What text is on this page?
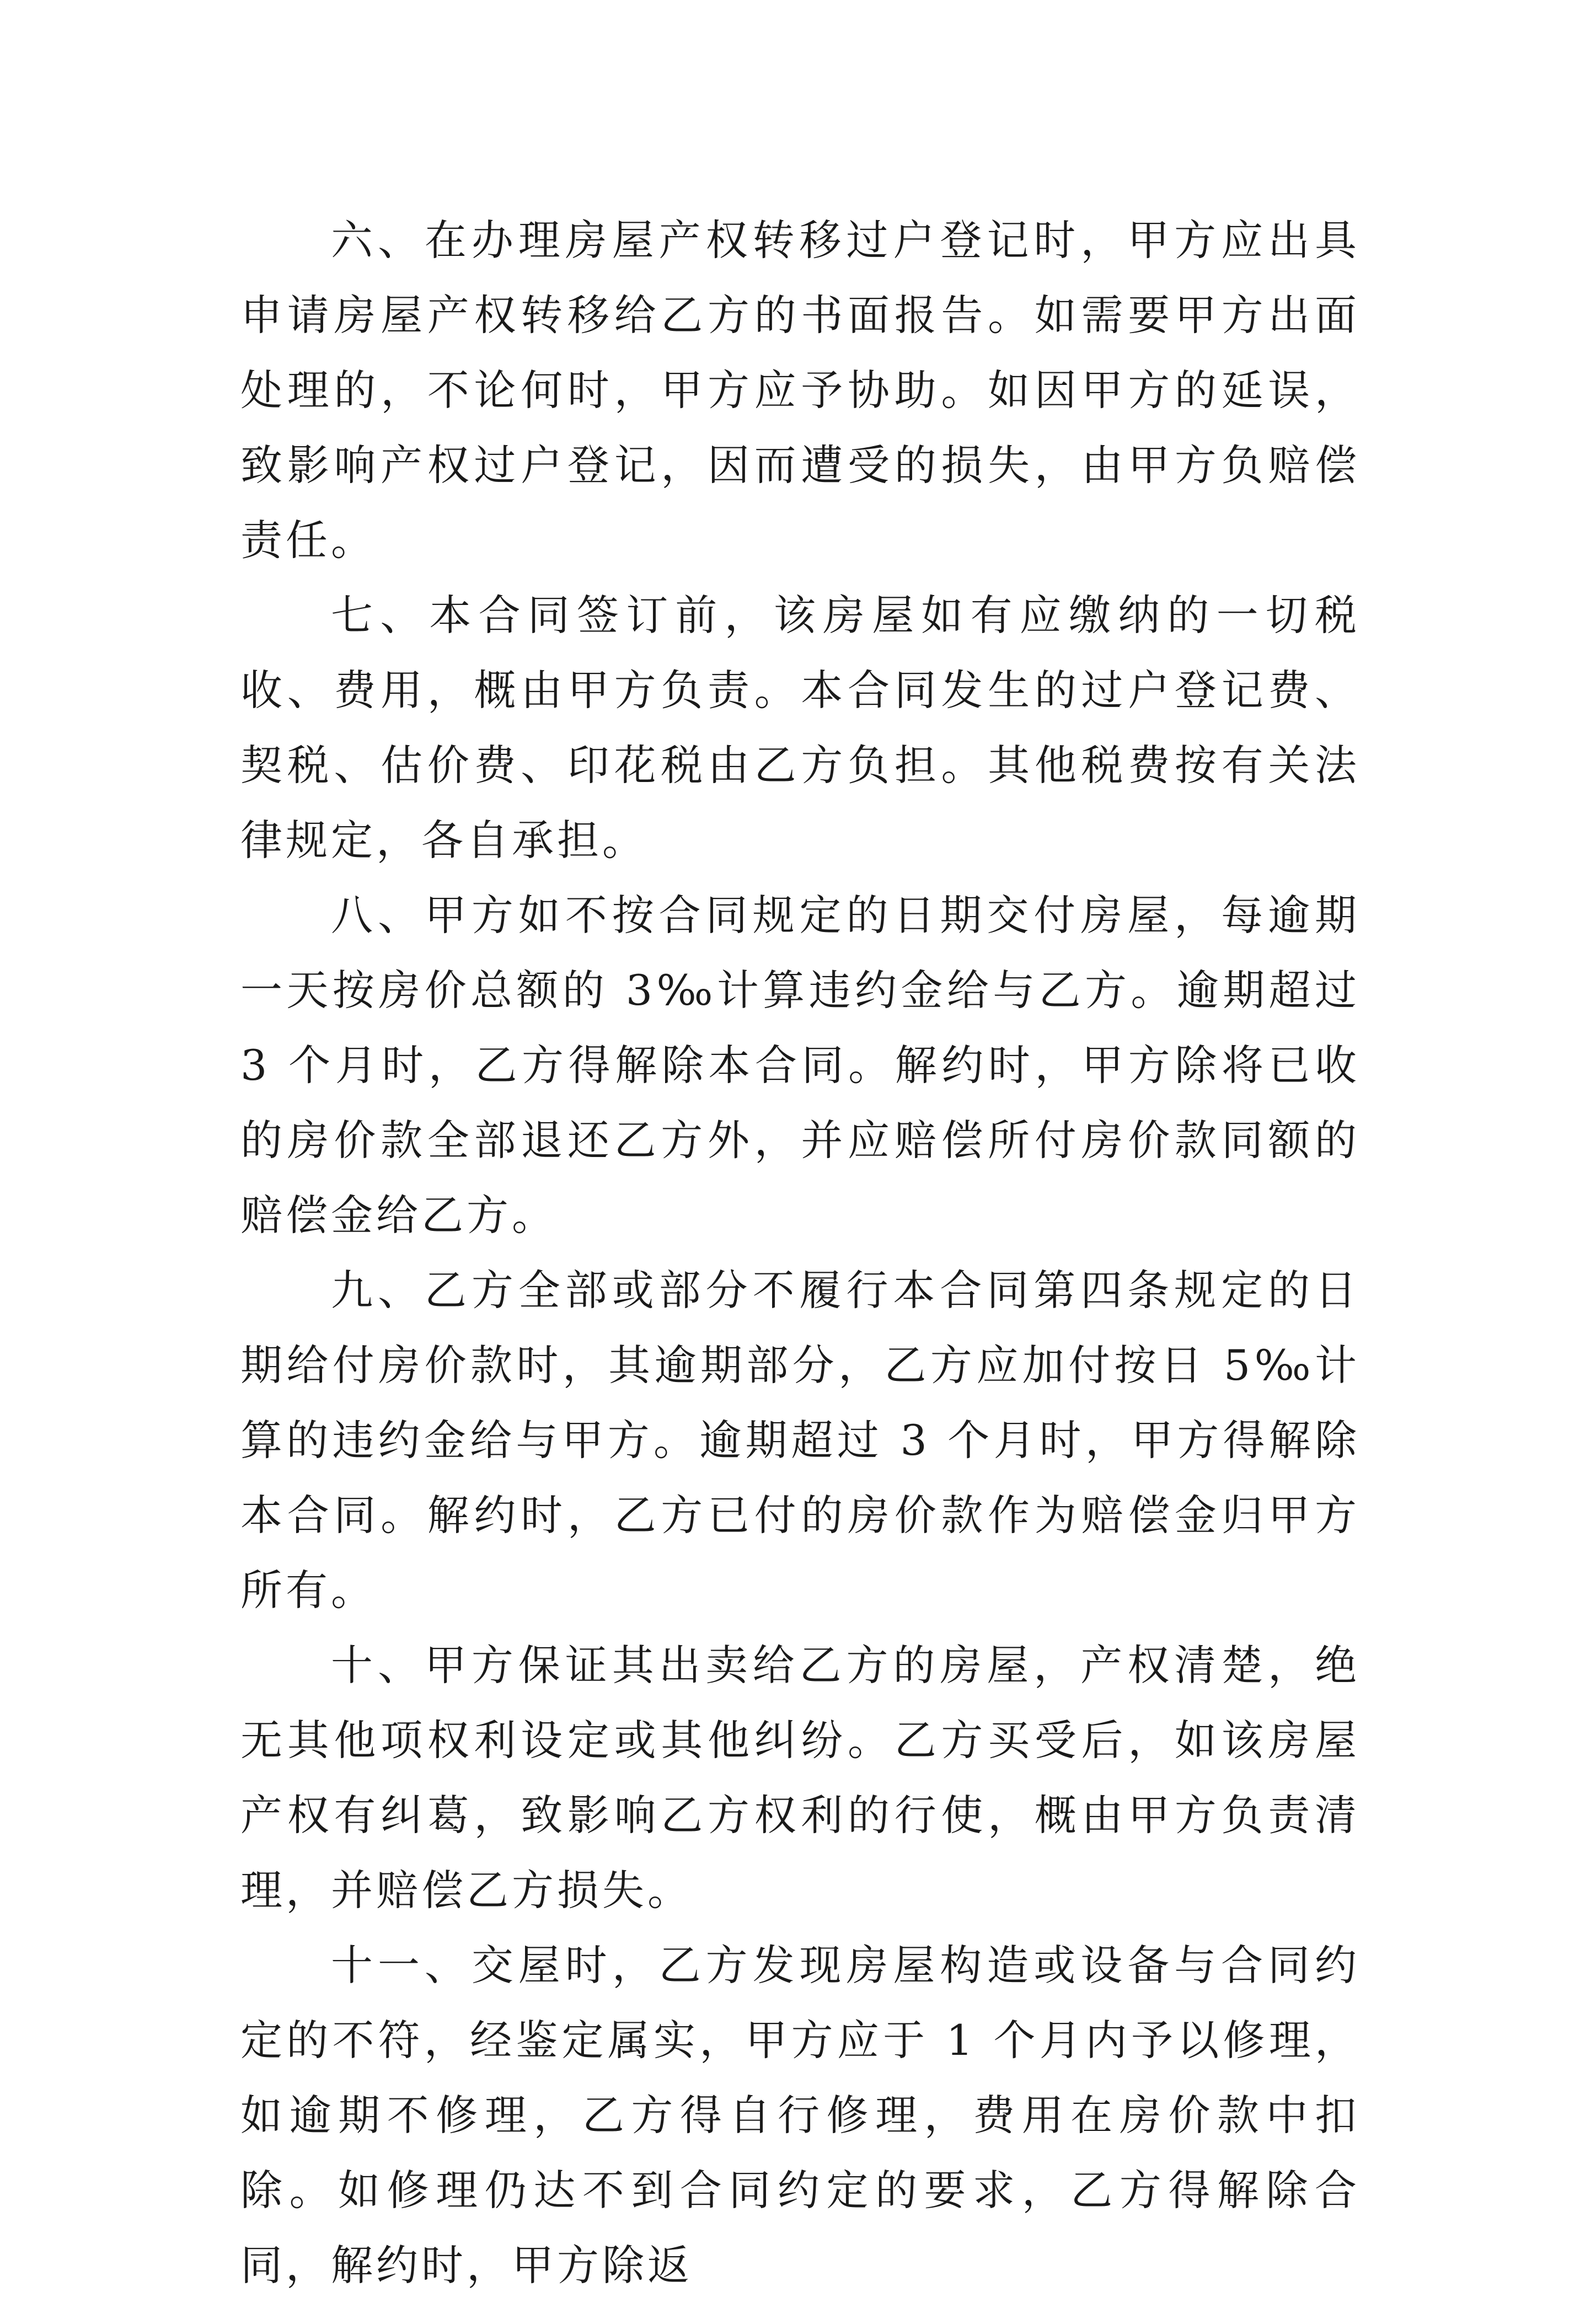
六、在办理房屋产权转移过户登记时，甲方应出具申请房屋产权转移给乙方的书面报告。如需要甲方出面处理的，不论何时，甲方应予协助。如因甲方的延误，致影响产权过户登记，因而遭受的损失，由甲方负赔偿责任。

七、本合同签订前，该房屋如有应缴纳的一切税收、费用，概由甲方负责。本合同发生的过户登记费、契税、估价费、印花税由乙方负担。其他税费按有关法律规定，各自承担。

八、甲方如不按合同规定的日期交付房屋，每逾期一天按房价总额的 3‰计算违约金给与乙方。逾期超过 3 个月时，乙方得解除本合同。解约时，甲方除将已收的房价款全部退还乙方外，并应赔偿所付房价款同额的赔偿金给乙方。

九、乙方全部或部分不履行本合同第四条规定的日期给付房价款时，其逾期部分，乙方应加付按日 5‰计算的违约金给与甲方。逾期超过 3 个月时，甲方得解除本合同。解约时，乙方已付的房价款作为赔偿金归甲方所有。

十、甲方保证其出卖给乙方的房屋，产权清楚，绝无其他项权利设定或其他纠纷。乙方买受后，如该房屋产权有纠葛，致影响乙方权利的行使，概由甲方负责清理，并赔偿乙方损失。

十一、交屋时，乙方发现房屋构造或设备与合同约定的不符，经鉴定属实，甲方应于 1 个月内予以修理，如逾期不修理，乙方得自行修理，费用在房价款中扣除。如修理仍达不到合同约定的要求，乙方得解除合同，解约时，甲方除返
